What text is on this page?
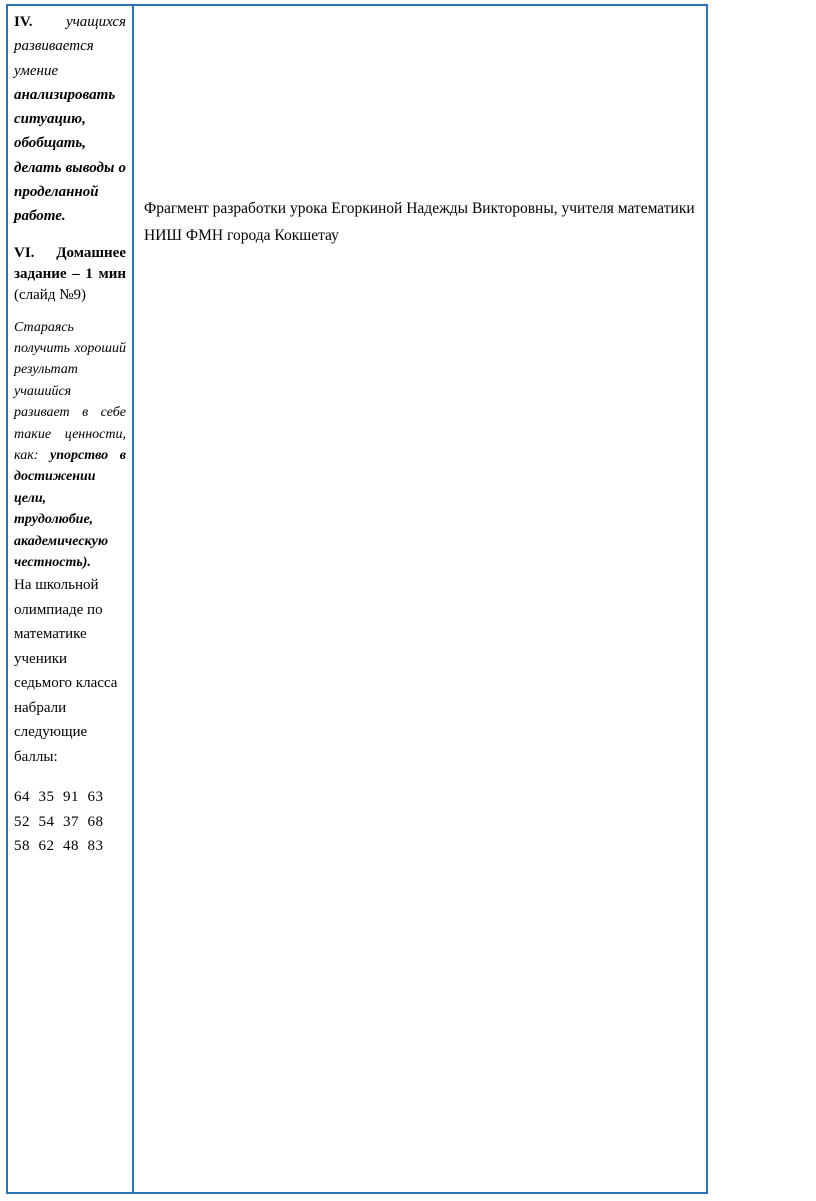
IV. учащихся развивается умение анализировать ситуацию, обобщать, делать выводы о проделанной работе.

VI. Домашнее задание – 1 мин (слайд №9)

Стараясь получить хороший результат учашийся разивает в себе такие ценности, как: упорство в достижении цели, трудолюбие, академическую честность).

На школьной олимпиаде по математике ученики седьмого класса набрали следующие баллы:

64  35  91  63
52  54  37  68
58  62  48  83

Фрагмент разработки урока Егоркиной Надежды Викторовны, учителя математики НИШ ФМН города Кокшетау
